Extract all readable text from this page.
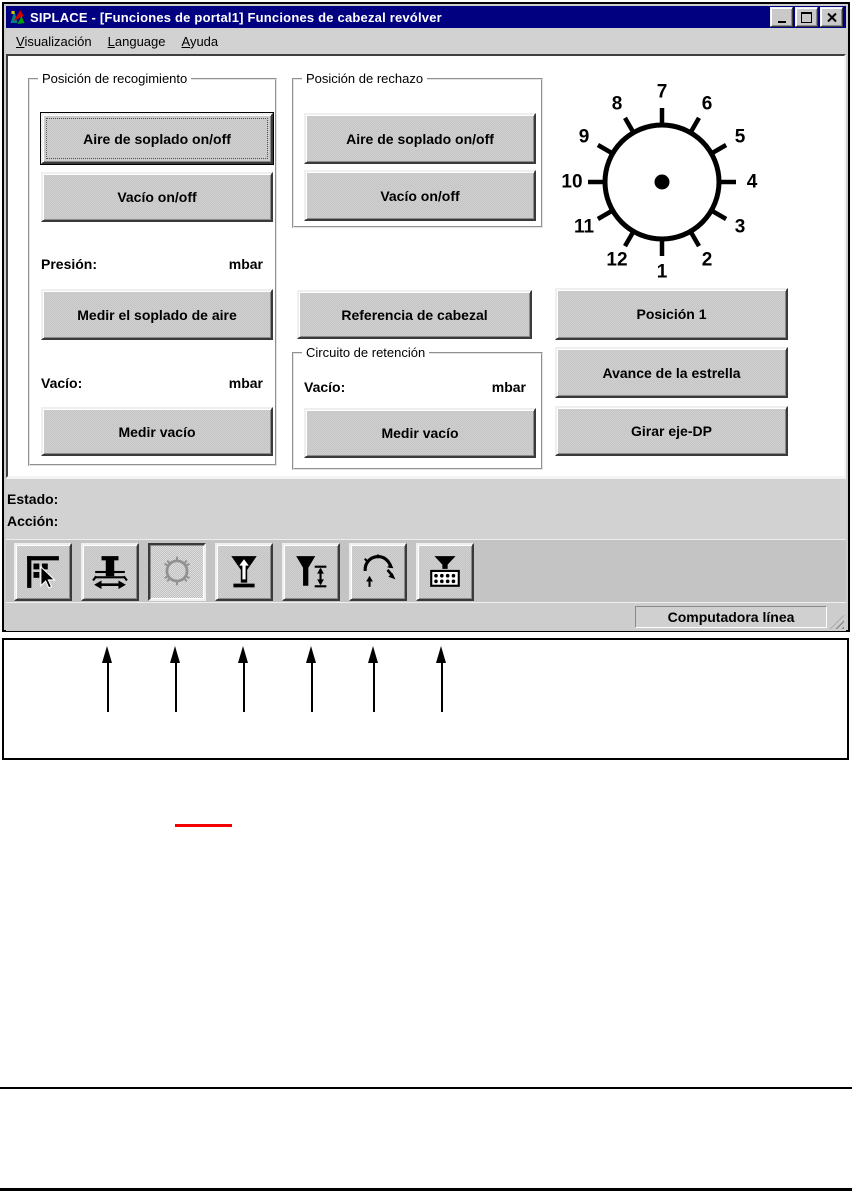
SIPLACE - [Funciones de portal1] Funciones de cabezal revólver
Visualización	Language	Ayuda
Posición de recogimiento
Aire de soplado on/off
Vacío on/off
Presión:	mbar
Medir el soplado de aire
Vacío:	mbar
Medir vacío
Posición de rechazo
Aire de soplado on/off
Vacío on/off
Referencia de cabezal
Circuito de retención
Vacío:	mbar
Medir vacío
Posición 1
Avance de la estrella
Girar eje-DP
7
6
5
4
3
2
1
12
11
10
9
8
Estado:
Acción:
Computadora línea
